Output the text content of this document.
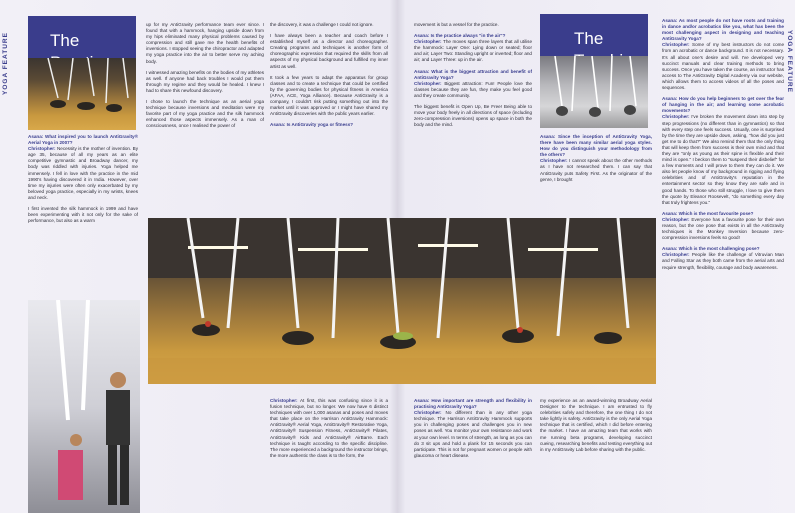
YOGA FEATURE The	The

Asana: What inspired you to launch AntiGravity® Aerial Yoga in 2007?
Christopher: Necessity is the mother of invention. By age 35, because of all my years as an elite competitive gymnastic and Broadway dancer, my body was riddled with injuries. Yoga helped me immensely. I fell in love with the practice in the mid 1990's having discovered it in India. However, over time my injuries were often only exacerbated by my beloved yoga practice, especially in my wrists, knees and neck.

I first invented the silk hammock in 1999 and have been experimenting with it not only for the sake of performance, but also as a warm

up for my AntiGravity performance team ever since. I found that with a hammock, hanging upside down from my hips eliminated many physical problems caused by compression and still gave me the health benefits of inversions. I stopped seeing the chiropractor and adapted my yoga practice into the air to better serve my aching body.

I witnessed amazing benefits on the bodies of my athletes as well. If anyone had back troubles I would put them through my regime and they would be healed. I knew I had to share this newfound discovery.

I chose to launch the technique as an aerial yoga technique because inversions and meditation were my favorite part of my yoga practice and the silk hammock enhanced those aspects immensely. As a man of consciousness, once I realised the power of

the discovery, it was a challenge I could not ignore.

I have always been a teacher and coach before I established myself as a director and choreographer. Creating programs and techniques is another form of choreographic expression that required the skills from all aspects of my physical background and fulfilled my inner artist as well.

It took a few years to adapt the apparatus for group classes and to create a technique that could be certified by the governing bodies for physical fitness in America (AFAA, ACE, Yoga Alliance). Because AntiGravity is a company, I couldn't risk putting something out into the market until it was approved or I might have shared my AntiGravity discoveries with the public years earlier.

Asana: Is AntiGravity yoga or fitness?

Christopher: At first, this was confusing since it is a fusion technique, but no longer. We now have 6 distinct techniques with over 1,000 asanas and poses and moves that take place on the Harrison AntiGravity Hammock: AntiGravity® Aerial Yoga, AntiGravity® Restorative Yoga, AntiGravity® Suspension Fitness, AntiGravity® Pilates, AntiGravity® Kids and AntiGravity® AirBarre. Each technique is taught according to the specific discipline. The more experienced a background the instructor brings, the more authentic the class is to the form, the

movement is but a vessel for the practice.

Asana: Is the practice always "in the air"?
Christopher: The moves span three layers that all utilise the hammock: Layer One: Lying down or seated; floor and air; Layer Two: Standing upright or inverted; floor and air; and Layer Three: up in the air.

Asana: What is the biggest attraction and benefit of AntiGravity Yoga?
Christopher: Biggest attraction: Fun! People love the classes because they are fun, they make you feel good and they create community.

The biggest benefit is Open Up, Be Free! Being able to move your body freely in all directions of space (including zero-compression inversions) opens up space in both the body and the mind.

Asana: How important are strength and flexibility in practising AntiGravity Yoga?
Christopher: No different than in any other yoga technique. The Harrison AntiGravity Hammock supports you in challenging poses and challenges you in new poses as well. You monitor your own resistance and work at your own level. In terms of strength, as long as you can do 3 sit ups and hold a plank for 15 seconds you can participate. This is not for pregnant women or people with glaucoma or heart disease.

Asana: Since the inception of AntiGravity Yoga, there have been many similar aerial yoga styles. How do you distinguish your methodology from the others?
Christopher: I cannot speak about the other methods as I have not researched them. I can say that AntiGravity puts Safety First. As the originator of the genre, I brought

my experience as an award-winning Broadway Aerial Designer to the technique. I am entrusted to fly celebrities safely and therefore, the one thing I do not take lightly is safety. AntiGravity is the only Aerial Yoga technique that is certified, which I did before entering the market. I have an amazing team that works with me running beta programs, developing succinct cueing, researching benefits and testing everything out in my AntiGravity Lab before sharing with the public.

Asana: As most people do not have roots and training in dance and/or acrobatics like you, what has been the most challenging aspect in designing and teaching AntiGravity Yoga?
Christopher: Some of my best instructors do not come from an acrobatic or dance background. It is not necessary. It's all about one's desire and will. I've developed very succinct manuals and clear training methods to bring success. Once you have taken the course, an instructor has access to The AntiGravity Digital Academy via our website, which allows them to access videos of all the poses and sequences.

Asana: How do you help beginners to get over the fear of hanging in the air; and learning some acrobatic movements?
Christopher: I've broken the movement down into step by step progressions (no different than in gymnastics) so that with every step one feels success. Usually, one is surprised by the time they are upside down, asking, "how did you just get me to do that?" We also remind them that the only thing that will keep them from success is their own mind and that they are "only as young as their spine is flexible and their mind is open." I beckon them to "suspend their disbelief" for a few moments and I will prove to them they can do it. We also let people know of my background in rigging and flying celebrities and of AntiGravity's reputation in the entertainment sector so they know they are safe and in good hands. To those who still struggle, I love to give them the quote by Eleanor Roosevelt, "do something every day that truly frightens you."

Asana: Which is the most favourite pose?
Christopher: Everyone has a favourite pose for their own reason, but the one pose that exists in all the AntiGravity techniques is the Monkey Inversion because zero-compression inversions feels so good!

Asana: Which is the most challenging pose?
Christopher: People like the challenge of Vitruvian Man and Falling Star as they both came from the aerial arts and require strength, flexibility, courage and body awareness.

YOGA FEATURE
